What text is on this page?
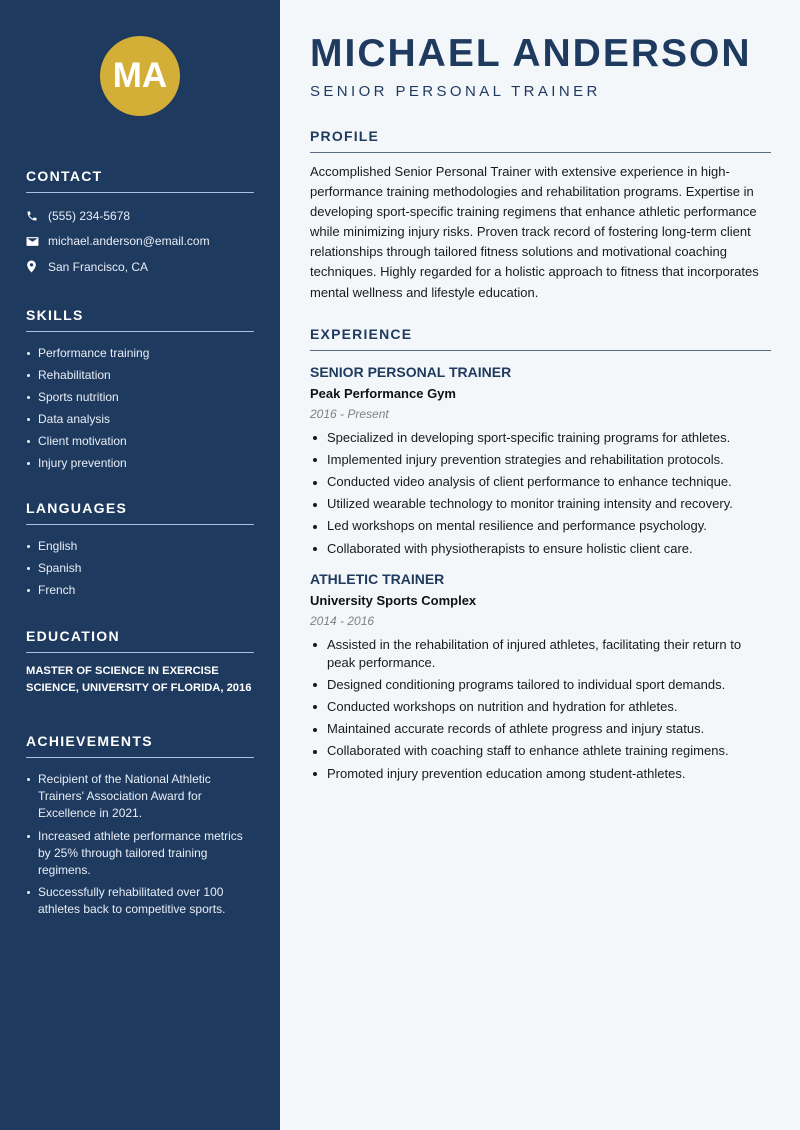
MA
CONTACT
(555) 234-5678
michael.anderson@email.com
San Francisco, CA
SKILLS
Performance training
Rehabilitation
Sports nutrition
Data analysis
Client motivation
Injury prevention
LANGUAGES
English
Spanish
French
EDUCATION
MASTER OF SCIENCE IN EXERCISE SCIENCE, UNIVERSITY OF FLORIDA, 2016
ACHIEVEMENTS
Recipient of the National Athletic Trainers' Association Award for Excellence in 2021.
Increased athlete performance metrics by 25% through tailored training regimens.
Successfully rehabilitated over 100 athletes back to competitive sports.
MICHAEL ANDERSON
SENIOR PERSONAL TRAINER
PROFILE

Accomplished Senior Personal Trainer with extensive experience in high-performance training methodologies and rehabilitation programs. Expertise in developing sport-specific training regimens that enhance athletic performance while minimizing injury risks. Proven track record of fostering long-term client relationships through tailored fitness solutions and motivational coaching techniques. Highly regarded for a holistic approach to fitness that incorporates mental wellness and lifestyle education.

EXPERIENCE
SENIOR PERSONAL TRAINER
Peak Performance Gym
2016 - Present
Specialized in developing sport-specific training programs for athletes.
Implemented injury prevention strategies and rehabilitation protocols.
Conducted video analysis of client performance to enhance technique.
Utilized wearable technology to monitor training intensity and recovery.
Led workshops on mental resilience and performance psychology.
Collaborated with physiotherapists to ensure holistic client care.
ATHLETIC TRAINER
University Sports Complex
2014 - 2016
Assisted in the rehabilitation of injured athletes, facilitating their return to peak performance.
Designed conditioning programs tailored to individual sport demands.
Conducted workshops on nutrition and hydration for athletes.
Maintained accurate records of athlete progress and injury status.
Collaborated with coaching staff to enhance athlete training regimens.
Promoted injury prevention education among student-athletes.
